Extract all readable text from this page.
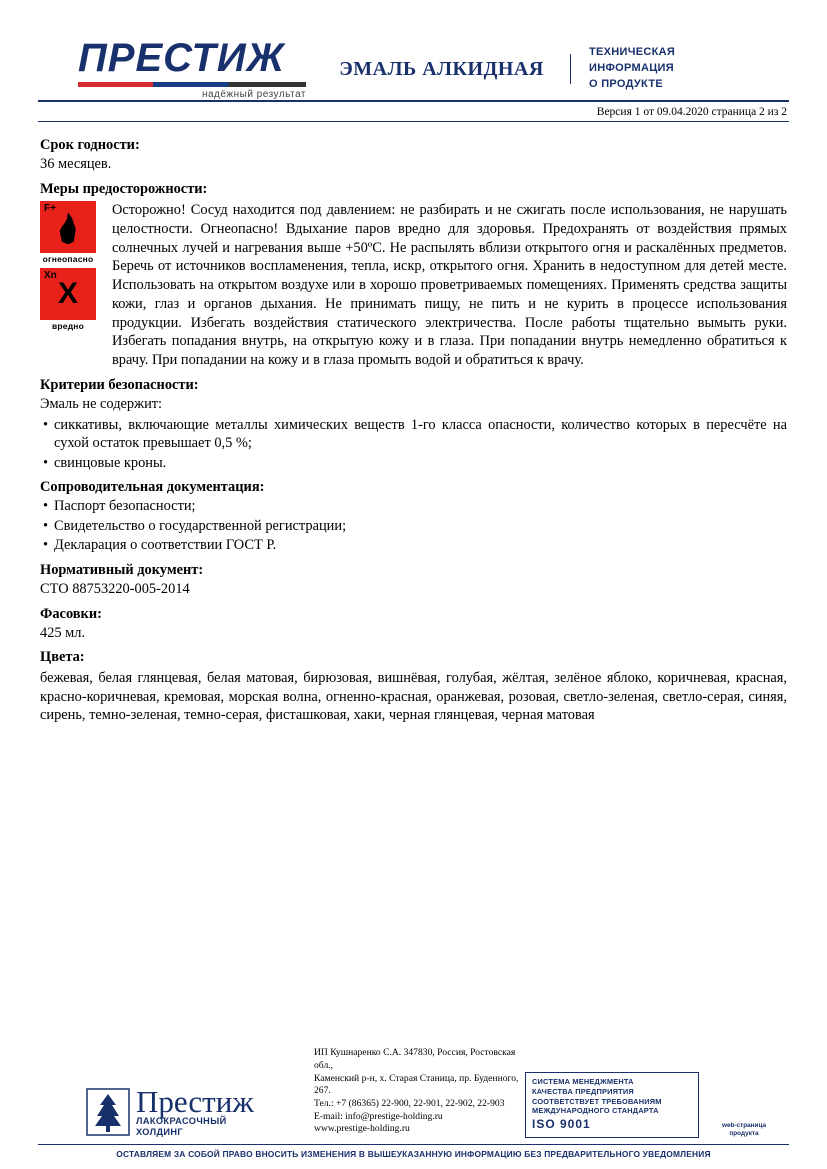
ПРЕСТИЖ
надёжный результат
ЭМАЛЬ АЛКИДНАЯ
ТЕХНИЧЕСКАЯ
ИНФОРМАЦИЯ
О ПРОДУКТЕ
Версия 1 от 09.04.2020 страница 2 из 2
Срок годности:
36 месяцев.
Меры предосторожности:
F+
огнеопасно
Xn
X
вредно
Осторожно! Сосуд находится под давлением: не разбирать и не сжигать после использования, не нарушать целостности. Огнеопасно! Вдыхание паров вредно для здоровья. Предохранять от воздействия прямых солнечных лучей и нагревания выше +50ºС. Не распылять вблизи открытого огня и раскалённых предметов. Беречь от источников воспламенения, тепла, искр, открытого огня. Хранить в недоступном для детей месте. Использовать на открытом воздухе или в хорошо проветриваемых помещениях. Применять средства защиты кожи, глаз и органов дыхания. Не принимать пищу, не пить и не курить в процессе использования продукции. Избегать воздействия статического электричества. После работы тщательно вымыть руки. Избегать попадания внутрь, на открытую кожу и в глаза. При попадании внутрь немедленно обратиться к врачу. При попадании на кожу и в глаза промыть водой и обратиться к врачу.
Критерии безопасности:
Эмаль не содержит:
• сиккативы, включающие металлы химических веществ 1-го класса опасности, количество которых в пересчёте на сухой остаток превышает 0,5 %;
• свинцовые кроны.
Сопроводительная документация:
• Паспорт безопасности;
• Свидетельство о государственной регистрации;
• Декларация о соответствии ГОСТ Р.
Нормативный документ:
СТО 88753220-005-2014
Фасовки:
425 мл.
Цвета:
бежевая, белая глянцевая, белая матовая, бирюзовая, вишнёвая, голубая, жёлтая, зелёное яблоко, коричневая, красная, красно-коричневая, кремовая, морская волна, огненно-красная, оранжевая, розовая, светло-зеленая, светло-серая, синяя, сирень, темно-зеленая, темно-серая, фисташковая, хаки, черная глянцевая, черная матовая
Престиж
ЛАКОКРАСОЧНЫЙ
ХОЛДИНГ
ИП Кушнаренко С.А. 347830, Россия, Ростовская обл.,
Каменский р-н, х. Старая Станица, пр. Буденного, 267.
Тел.: +7 (86365) 22-900, 22-901, 22-902, 22-903
E-mail: info@prestige-holding.ru
www.prestige-holding.ru
СИСТЕМА МЕНЕДЖМЕНТА
КАЧЕСТВА ПРЕДПРИЯТИЯ
СООТВЕТСТВУЕТ ТРЕБОВАНИЯМ
МЕЖДУНАРОДНОГО СТАНДАРТА
ISO 9001	web-страница
продукта
ОСТАВЛЯЕМ ЗА СОБОЙ ПРАВО ВНОСИТЬ ИЗМЕНЕНИЯ В ВЫШЕУКАЗАННУЮ ИНФОРМАЦИЮ БЕЗ ПРЕДВАРИТЕЛЬНОГО УВЕДОМЛЕНИЯ
